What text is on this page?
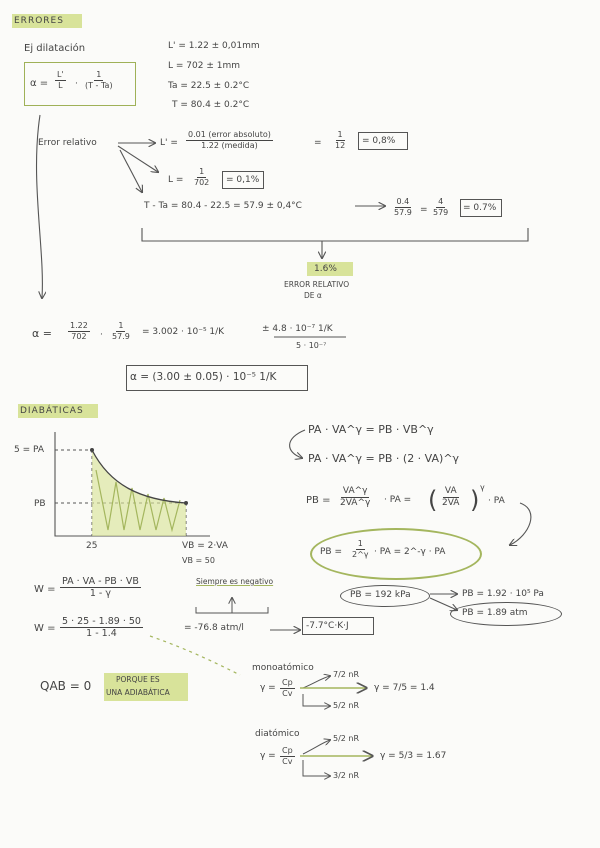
ERRORES
Ej dilatación
$\alpha = \frac{L'}{L} \cdot \frac{1}{(T - Ta)}$
L' = 1.22 ± 0,01mm
L = 702 ± 1mm
Ta = 22.5 ± 0.2°C
T = 80.4 ± 0.2°C
Error relativo	L' =
0.01 (error absoluto)
1.22 (medida)	= $\frac{1}{12} = 0,8\%$
$L = \frac{1}{702} = 0,1\%$
T - Ta = 80.4 - 22.5 = 57.9 ± 0,4°C	$\frac{0.4}{57.9} = \frac{4}{579} = 0.7\%$
1.6%
ERROR RELATIVO
DE α
$\alpha = \frac{1.22}{702} \cdot \frac{1}{57.9} = 3.002 \cdot 10^{-5}$ 1/K	± 4.8 · 10⁻⁷ 1/K
5 · 10⁻⁷
α = (3.00 ± 0.05) · 10⁻⁵ 1/K
DIABÁTICAS
5 = PA
PB
25	VB = 2·VA
VB = 50
PA · VA^γ = PB · VB^γ
PA · VA^γ = PB · (2 · VA)^γ
PB = $\frac{VA\^{}\gamma}{2VA\^{}\gamma}$ · PA = ( $\frac{VA}{2VA}$ ) γ
· PA
PB = $\frac{1}{2\^{}\gamma}$ · PA = 2^-γ · PA
PB = 192 kPa	PB = 1.92 · 10⁵ Pa
PB = 1.89 atm
$W = \frac{PA \cdot VA - PB \cdot VB}{1 - \gamma}$	Siempre es negativo
$W = \frac{5 \cdot 25 - 1.89 \cdot 50}{1 - 1.4}$	= -76.8 atm/l	-7.7°C·K·J
QAB = 0	PORQUE ES
UNA ADIABÁTICA
monoatómico
$\gamma = \frac{Cp}{Cv}$
7/2 nR
5/2 nR
γ = 7/5 = 1.4
diatómico
$\gamma = \frac{Cp}{Cv}$
5/2 nR
3/2 nR
γ = 5/3 = 1.67
